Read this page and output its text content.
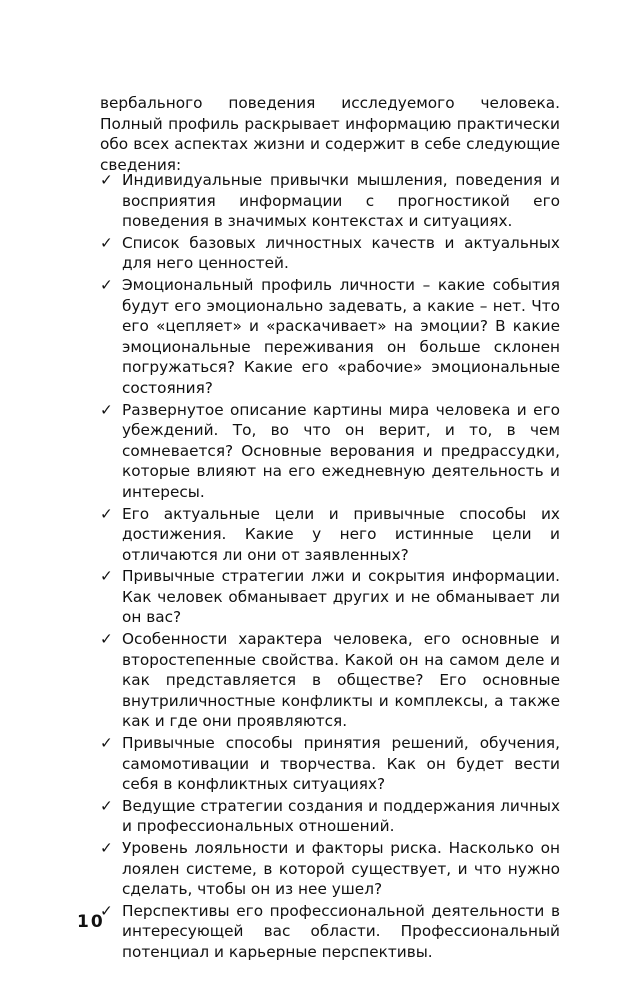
вербального поведения исследуемого человека. Полный профиль раскрывает информацию практически обо всех аспектах жизни и содержит в себе следующие сведения:

✓ Индивидуальные привычки мышления, поведения и восприятия информации с прогностикой его поведения в значимых контекстах и ситуациях.
✓ Список базовых личностных качеств и актуальных для него ценностей.
✓ Эмоциональный профиль личности – какие события будут его эмоционально задевать, а какие – нет. Что его «цепляет» и «раскачивает» на эмоции? В какие эмоциональные переживания он больше склонен погружаться? Какие его «рабочие» эмоциональные состояния?
✓ Развернутое описание картины мира человека и его убеждений. То, во что он верит, и то, в чем сомневается? Основные верования и предрассудки, которые влияют на его ежедневную деятельность и интересы.
✓ Его актуальные цели и привычные способы их достижения. Какие у него истинные цели и отличаются ли они от заявленных?
✓ Привычные стратегии лжи и сокрытия информации. Как человек обманывает других и не обманывает ли он вас?
✓ Особенности характера человека, его основные и второстепенные свойства. Какой он на самом деле и как представляется в обществе? Его основные внутриличностные конфликты и комплексы, а также как и где они проявляются.
✓ Привычные способы принятия решений, обучения, самомотивации и творчества. Как он будет вести себя в конфликтных ситуациях?
✓ Ведущие стратегии создания и поддержания личных и профессиональных отношений.
✓ Уровень лояльности и факторы риска. Насколько он лоялен системе, в которой существует, и что нужно сделать, чтобы он из нее ушел?
✓ Перспективы его профессиональной деятельности в интересующей вас области. Профессиональный потенциал и карьерные перспективы.
10
